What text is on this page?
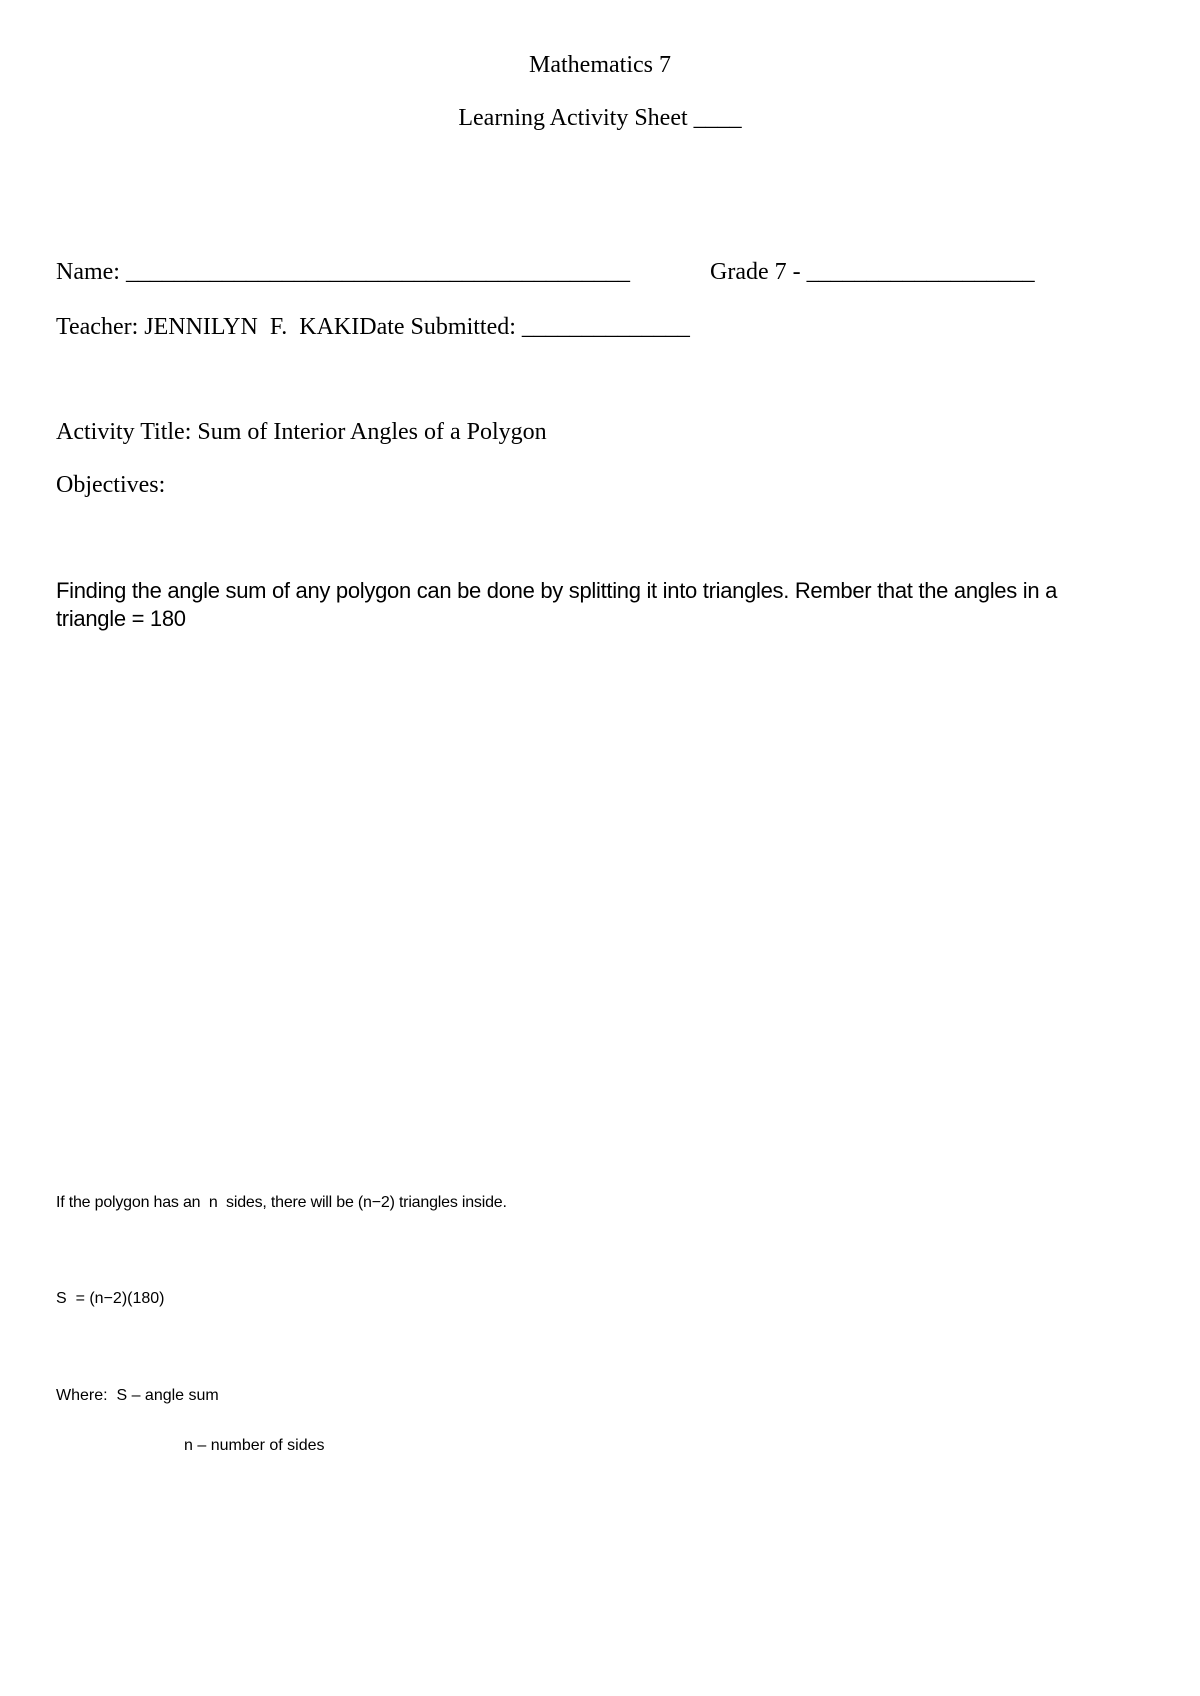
Mathematics 7
Learning Activity Sheet ____
Name: __________________________________________	Grade 7 - ___________________
Teacher: JENNILYN  F.  KAKIDate Submitted: ______________
Activity Title: Sum of Interior Angles of a Polygon
Objectives:
Finding the angle sum of any polygon can be done by splitting it into triangles. Rember that the angles in a triangle = 180
If the polygon has an  n  sides, there will be (n−2) triangles inside.
S  = (n−2)(180)
Where:  S – angle sum
n – number of sides
